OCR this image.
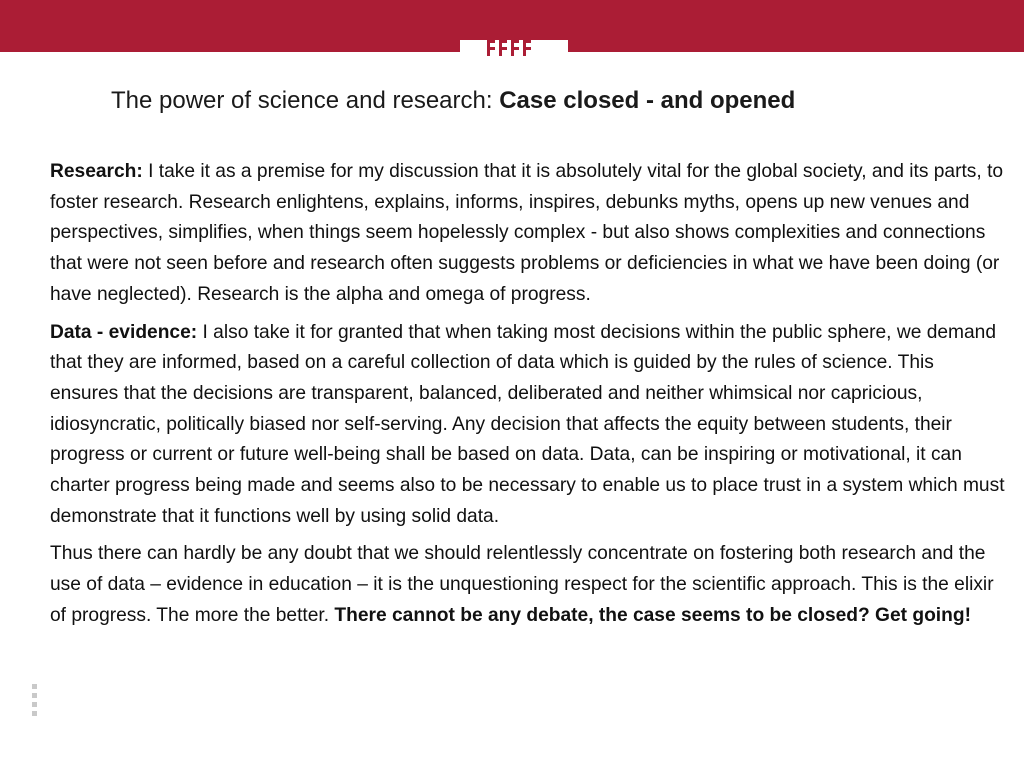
The power of science and research: Case closed - and opened

Research: I take it as a premise for my discussion that it is absolutely vital for the global society, and its parts, to foster research. Research enlightens, explains, informs, inspires, debunks myths, opens up new venues and perspectives, simplifies, when things seem hopelessly complex - but also shows complexities and connections that were not seen before and research often suggests problems or deficiencies in what we have been doing (or have neglected). Research is the alpha and omega of progress.

Data - evidence: I also take it for granted that when taking most decisions within the public sphere, we demand that they are informed, based on a careful collection of data which is guided by the rules of science. This ensures that the decisions are transparent, balanced, deliberated and neither whimsical nor capricious, idiosyncratic, politically biased nor self-serving. Any decision that affects the equity between students, their progress or current or future well-being shall be based on data. Data, can be inspiring or motivational, it can charter progress being made and seems also to be necessary to enable us to place trust in a system which must demonstrate that it functions well by using solid data.

Thus there can hardly be any doubt that we should relentlessly concentrate on fostering both research and the use of data – evidence in education – it is the unquestioning respect for the scientific approach. This is the elixir of progress. The more the better. There cannot be any debate, the case seems to be closed? Get going!
